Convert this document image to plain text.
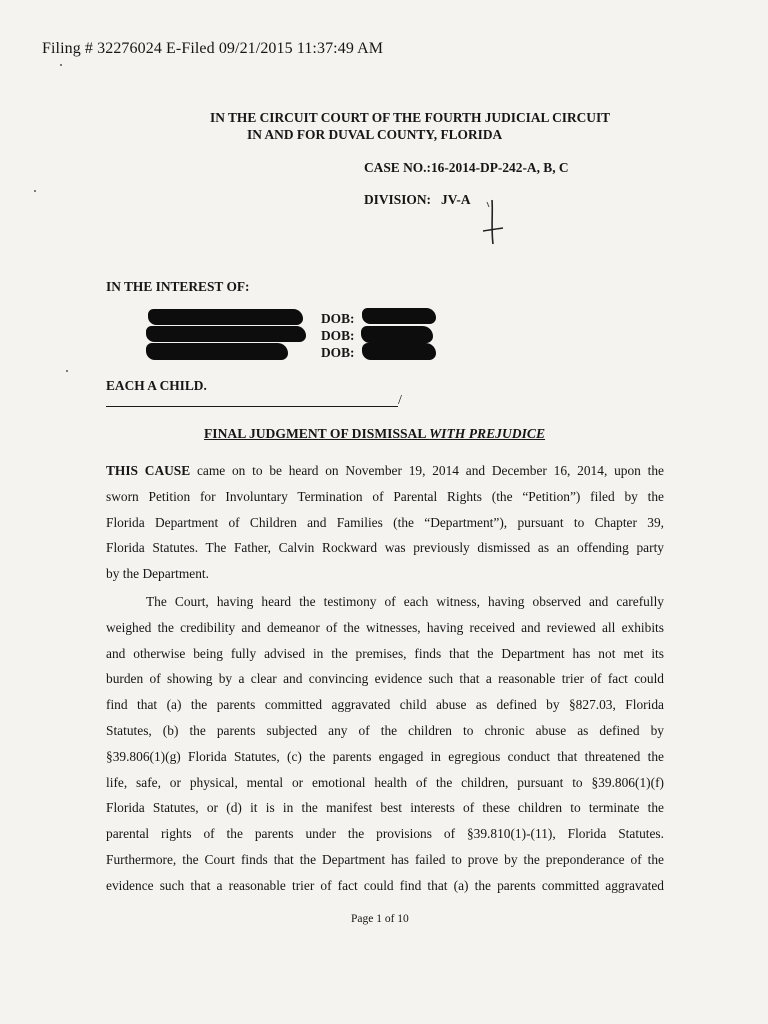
Filing # 32276024 E-Filed 09/21/2015 11:37:49 AM
IN THE CIRCUIT COURT OF THE FOURTH JUDICIAL CIRCUIT
IN AND FOR DUVAL COUNTY, FLORIDA
CASE NO.:16-2014-DP-242-A, B, C
DIVISION:   JV-A
IN THE INTEREST OF:
DOB:
DOB:
DOB:
EACH A CHILD.
/
FINAL JUDGMENT OF DISMISSAL WITH PREJUDICE
THIS CAUSE came on to be heard on November 19, 2014 and December 16, 2014, upon the
sworn Petition for Involuntary Termination of Parental Rights (the “Petition”) filed by the
Florida Department of Children and Families (the “Department”), pursuant to Chapter 39,
Florida Statutes. The Father, Calvin Rockward was previously dismissed as an offending party
by the Department.
The Court, having heard the testimony of each witness, having observed and carefully
weighed the credibility and demeanor of the witnesses, having received and reviewed all exhibits
and otherwise being fully advised in the premises, finds that the Department has not met its
burden of showing by a clear and convincing evidence such that a reasonable trier of fact could
find that (a) the parents committed aggravated child abuse as defined by §827.03, Florida
Statutes, (b) the parents subjected any of the children to chronic abuse as defined by
§39.806(1)(g) Florida Statutes, (c) the parents engaged in egregious conduct that threatened the
life, safe, or physical, mental or emotional health of the children, pursuant to §39.806(1)(f)
Florida Statutes, or (d) it is in the manifest best interests of these children to terminate the
parental rights of the parents under the provisions of §39.810(1)-(11), Florida Statutes.
Furthermore, the Court finds that the Department has failed to prove by the preponderance of the
evidence such that a reasonable trier of fact could find that (a) the parents committed aggravated
Page 1 of 10
